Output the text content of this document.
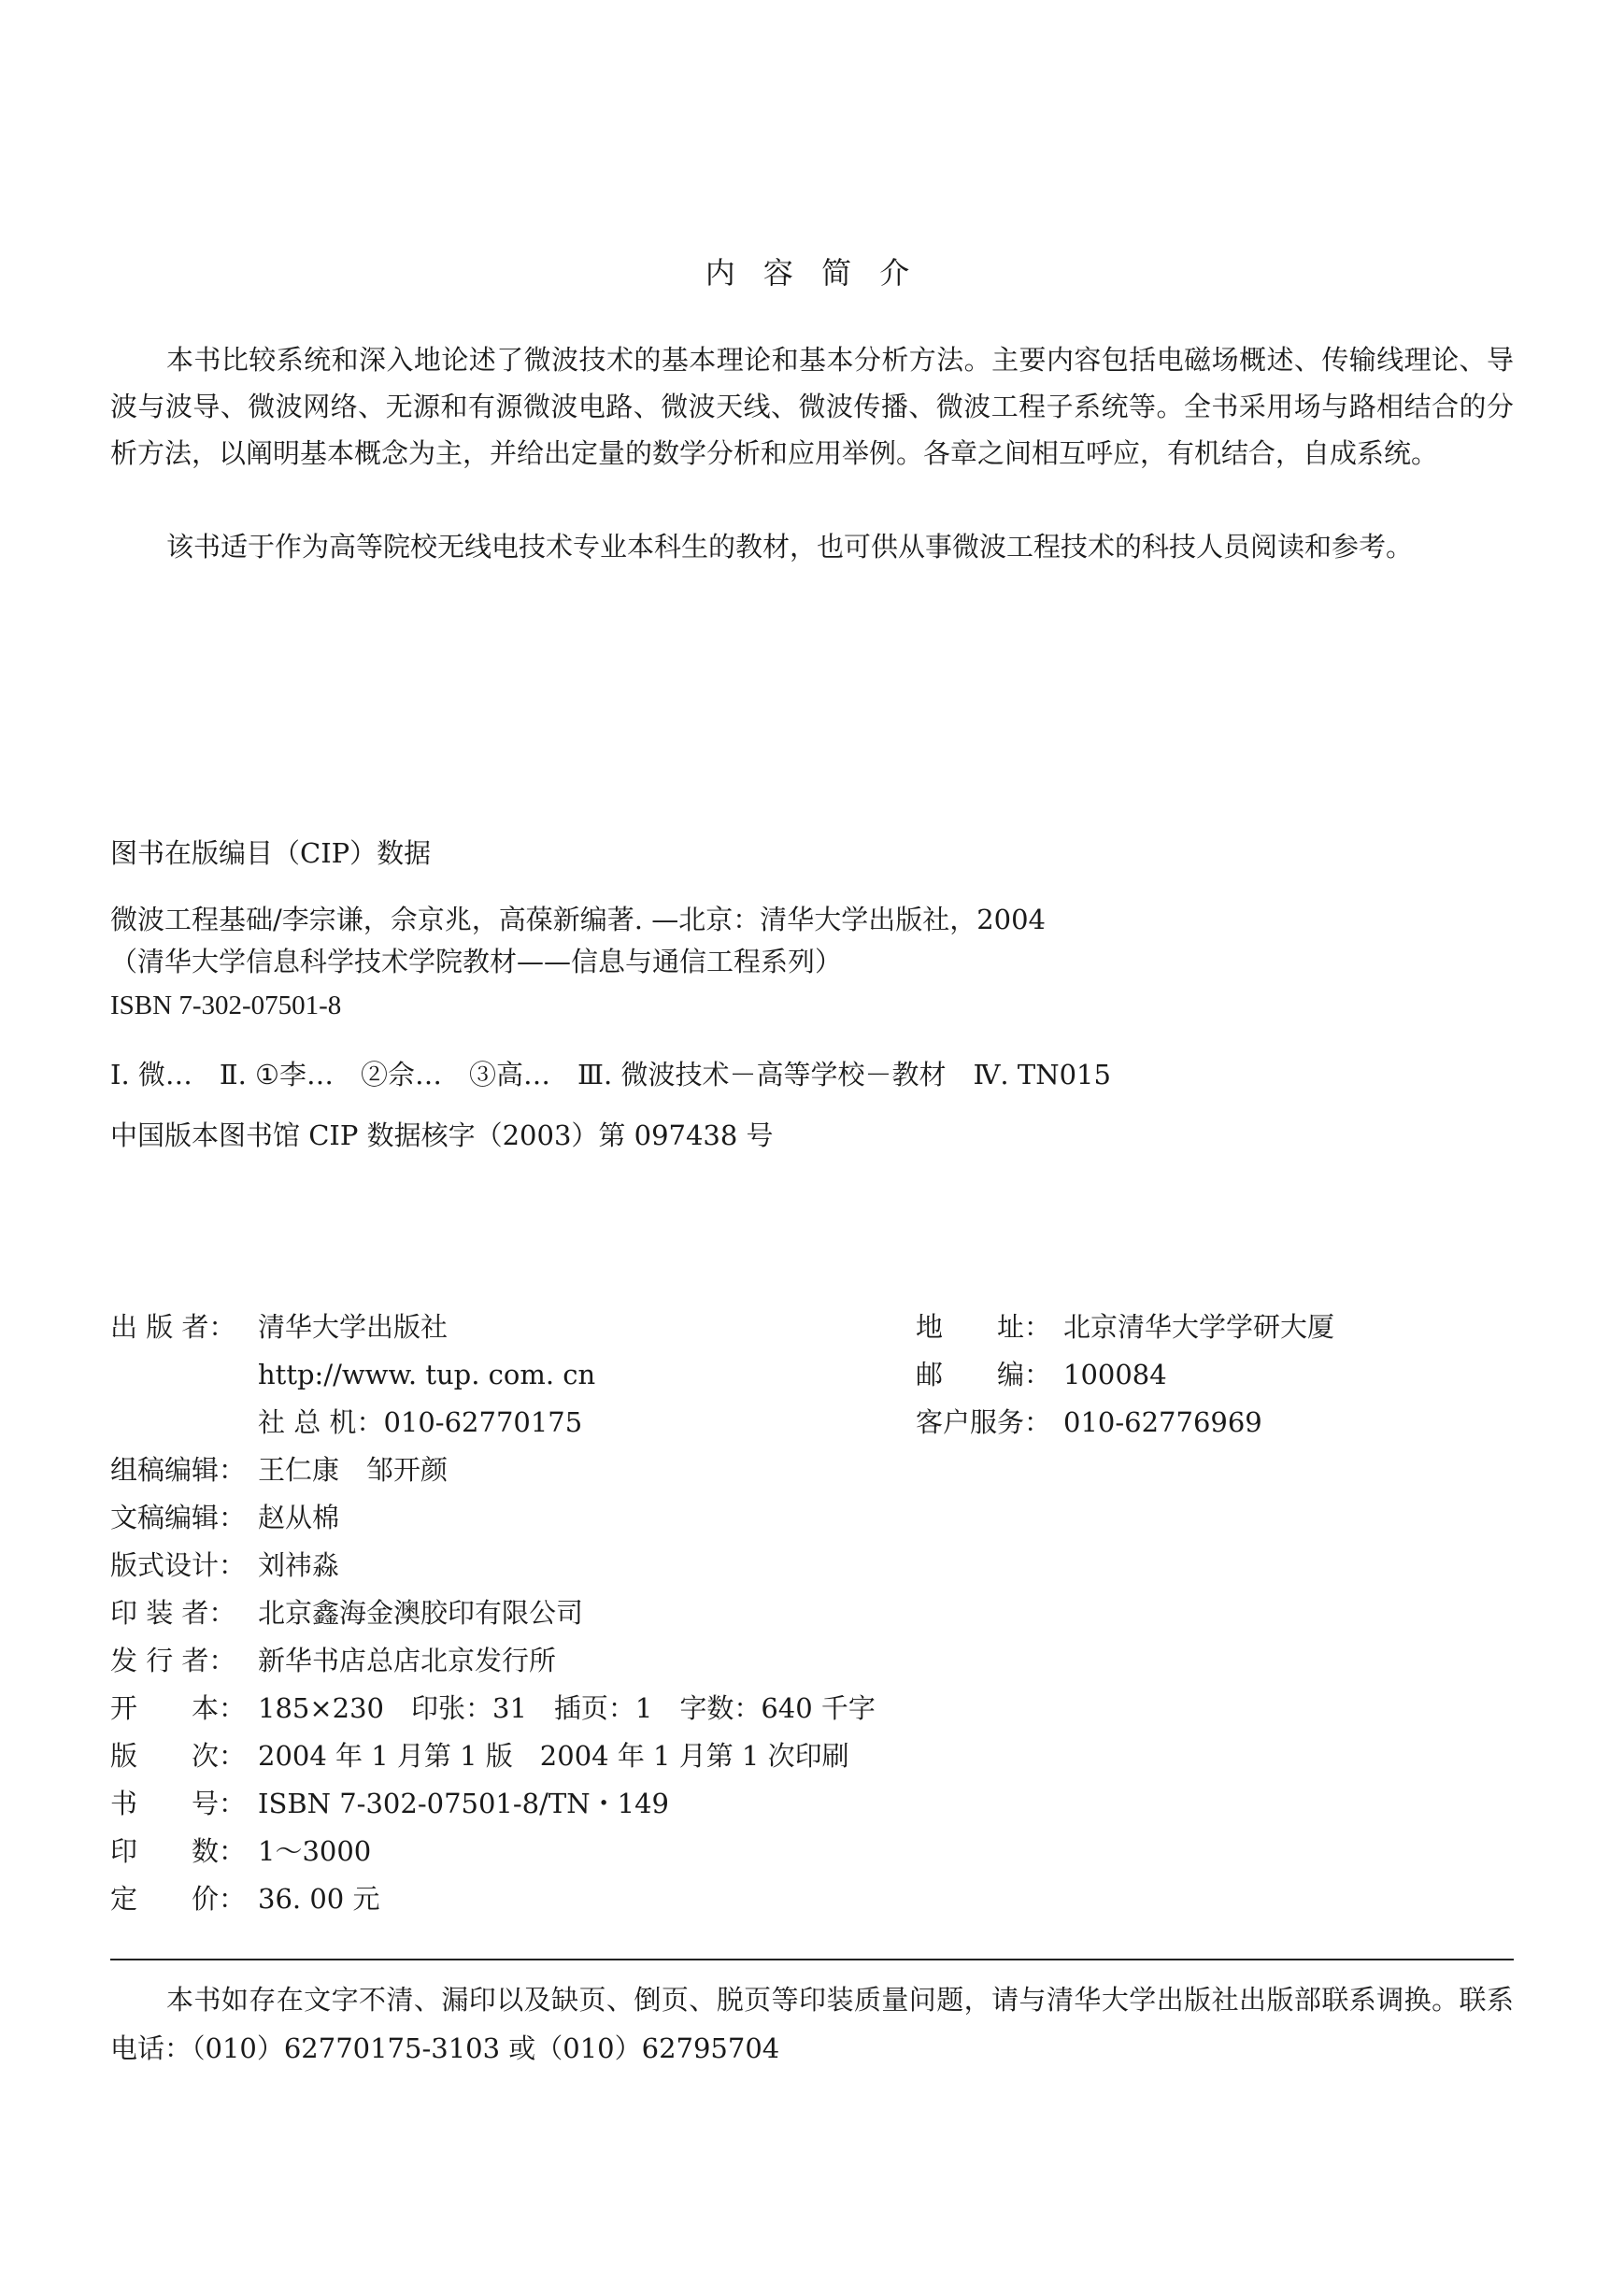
内 容 简 介

本书比较系统和深入地论述了微波技术的基本理论和基本分析方法。主要内容包括电磁场概述、传输线理论、导波与波导、微波网络、无源和有源微波电路、微波天线、微波传播、微波工程子系统等。全书采用场与路相结合的分析方法，以阐明基本概念为主，并给出定量的数学分析和应用举例。各章之间相互呼应，有机结合，自成系统。

该书适于作为高等院校无线电技术专业本科生的教材，也可供从事微波工程技术的科技人员阅读和参考。

图书在版编目（CIP）数据
微波工程基础/李宗谦，佘京兆，高葆新编著. —北京：清华大学出版社，2004
（清华大学信息科学技术学院教材——信息与通信工程系列）
ISBN 7-302-07501-8
Ⅰ. 微…　Ⅱ. ①李…　②佘…　③高…　Ⅲ. 微波技术－高等学校－教材　Ⅳ. TN015
中国版本图书馆 CIP 数据核字（2003）第 097438 号
出 版 者： 清华大学出版社
http://www. tup. com. cn
社 总 机： 010-62770175
组稿编辑： 王仁康　邹开颜
文稿编辑： 赵从棉
版式设计： 刘祎淼
印 装 者： 北京鑫海金澳胶印有限公司
发 行 者： 新华书店总店北京发行所
开　　本： 185×230　印张：31　插页：1　字数：640 千字
版　　次： 2004 年 1 月第 1 版　2004 年 1 月第 1 次印刷
书　　号： ISBN 7-302-07501-8/TN・149
印　　数： 1～3000
定　　价： 36. 00 元
地　　址： 北京清华大学学研大厦
邮　　编： 100084
客户服务： 010-62776969

本书如存在文字不清、漏印以及缺页、倒页、脱页等印装质量问题，请与清华大学出版社出版部联系调换。联系电话：（010）62770175-3103 或（010）62795704
